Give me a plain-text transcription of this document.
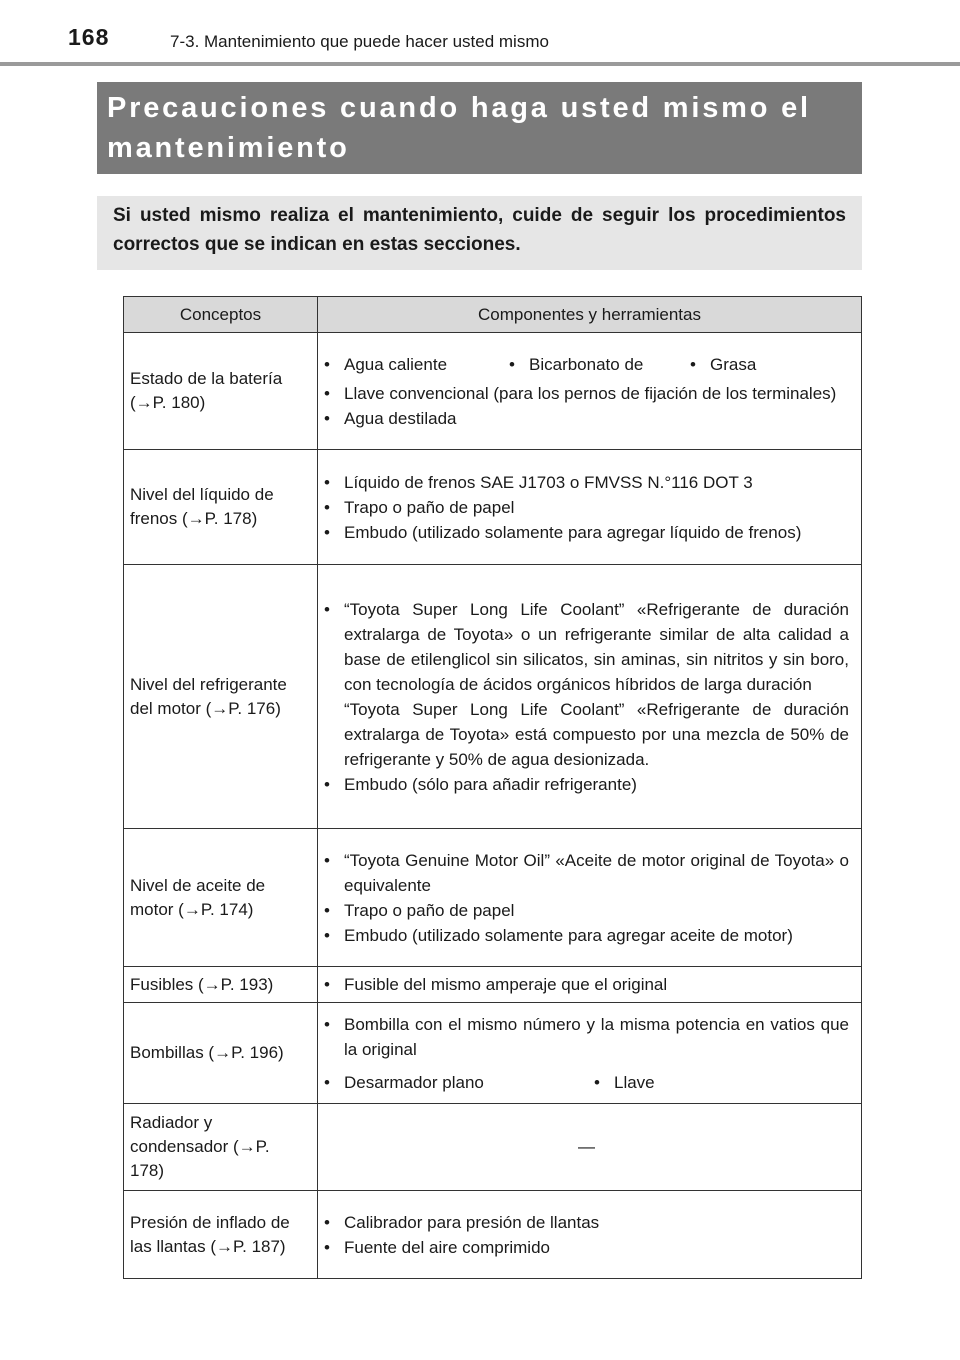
168	7-3. Mantenimiento que puede hacer usted mismo
Precauciones cuando haga usted mismo el mantenimiento
Si usted mismo realiza el mantenimiento, cuide de seguir los procedimientos correctos que se indican en estas secciones.
Conceptos	Componentes y herramientas
Estado de la batería (→P. 180)	• Agua caliente • Bicarbonato de • Grasa
• Llave convencional (para los pernos de fijación de los terminales)
• Agua destilada

Nivel del líquido de frenos (→P. 178)	• Líquido de frenos SAE J1703 o FMVSS N.°116 DOT 3
• Trapo o paño de papel
• Embudo (utilizado solamente para agregar líquido de frenos)

Nivel del refrigerante del motor (→P. 176)	• “Toyota Super Long Life Coolant” «Refrigerante de duración extralarga de Toyota» o un refrigerante similar de alta calidad a base de etilenglicol sin silicatos, sin aminas, sin nitritos y sin boro, con tecnología de ácidos orgánicos híbridos de larga duración
“Toyota Super Long Life Coolant” «Refrigerante de duración extralarga de Toyota» está compuesto por una mezcla de 50% de refrigerante y 50% de agua desionizada.
• Embudo (sólo para añadir refrigerante)

Nivel de aceite de motor (→P. 174)	• “Toyota Genuine Motor Oil” «Aceite de motor original de Toyota» o equivalente
• Trapo o paño de papel
• Embudo (utilizado solamente para agregar aceite de motor)

Fusibles (→P. 193)	• Fusible del mismo amperaje que el original

Bombillas (→P. 196)	• Bombilla con el mismo número y la misma potencia en vatios que la original
• Desarmador plano • Llave

Radiador y condensador (→P. 178)	—
Presión de inflado de las llantas (→P. 187)	• Calibrador para presión de llantas
• Fuente del aire comprimido
